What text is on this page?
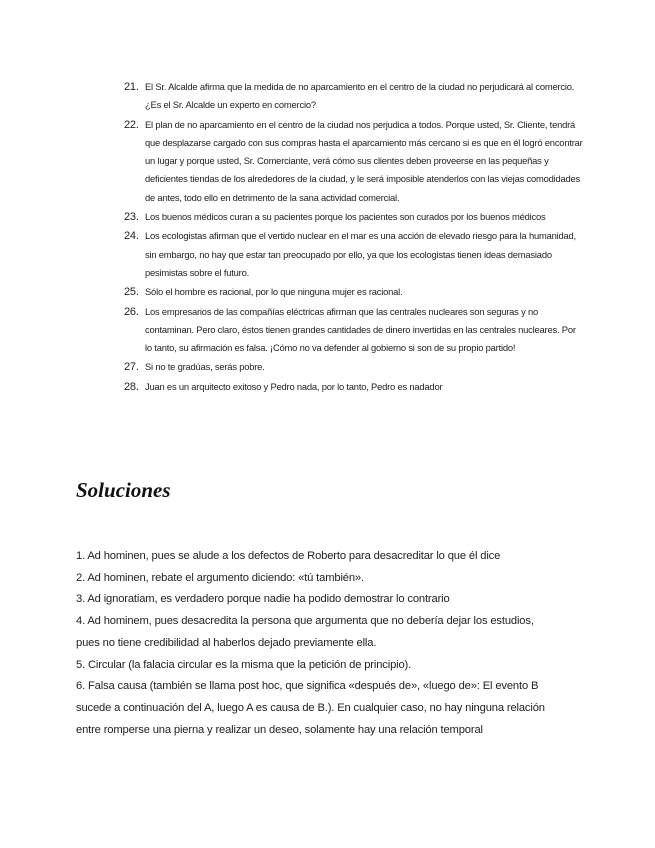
21. El Sr. Alcalde afirma que la medida de no aparcamiento en el centro de la ciudad no perjudicará al comercio. ¿Es el Sr. Alcalde un experto en comercio?
22. El plan de no aparcamiento en el centro de la ciudad nos perjudica a todos. Porque usted, Sr. Cliente, tendrá que desplazarse cargado con sus compras hasta el aparcamiento más cercano si es que en él logró encontrar un lugar y porque usted, Sr. Comerciante, verá cómo sus clientes deben proveerse en las pequeñas y deficientes tiendas de los alrededores de la ciudad, y le será imposible atenderlos con las viejas comodidades de antes, todo ello en detrimento de la sana actividad comercial.
23. Los buenos médicos curan a su pacientes porque los pacientes son curados por los buenos médicos
24. Los ecologistas afirman que el vertido nuclear en el mar es una acción de elevado riesgo para la humanidad, sin embargo, no hay que estar tan preocupado por ello, ya que los ecologistas tienen ideas demasiado pesimistas sobre el futuro.
25. Sólo el hombre es racional, por lo que ninguna mujer es racional.
26. Los empresarios de las compañías eléctricas afirman que las centrales nucleares son seguras y no contaminan. Pero claro, éstos tienen grandes cantidades de dinero invertidas en las centrales nucleares. Por lo tanto, su afirmación es falsa. ¡Cómo no va defender al gobierno si son de su propio partido!
27. Si no te gradúas, serás pobre.
28. Juan es un arquitecto exitoso y Pedro nada, por lo tanto, Pedro es nadador
Soluciones
1. Ad hominen, pues se alude a los defectos de Roberto para desacreditar lo que él dice
2. Ad hominen, rebate el argumento diciendo: «tú también».
3. Ad ignoratiam, es verdadero porque nadie ha podido demostrar lo contrario
4. Ad hominem, pues desacredita la persona que argumenta que no debería dejar los estudios, pues no tiene credibilidad al haberlos dejado previamente ella.
5. Circular (la falacia circular es la misma que la petición de principio).
6. Falsa causa (también se llama post hoc, que significa «después de», «luego de»: El evento B sucede a continuación del A, luego A es causa de B.). En cualquier caso, no hay ninguna relación entre romperse una pierna y realizar un deseo, solamente hay una relación temporal
